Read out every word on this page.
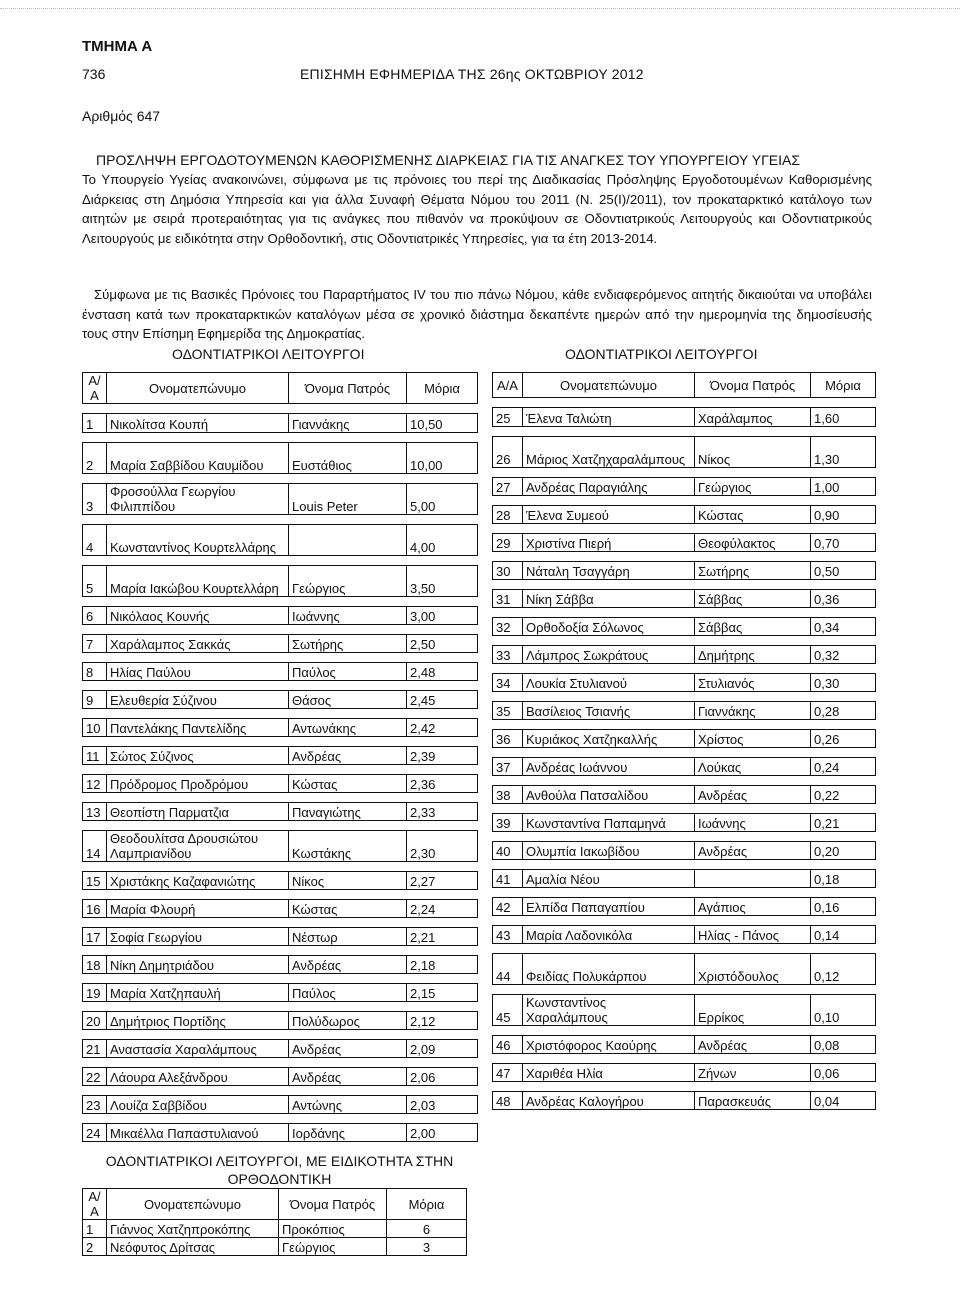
ΤΜΗΜΑ Α
736	ΕΠΙΣΗΜΗ ΕΦΗΜΕΡΙΔΑ ΤΗΣ 26ης ΟΚΤΩΒΡΙΟΥ 2012
Αριθμός 647
ΠΡΟΣΛΗΨΗ ΕΡΓΟΔΟΤΟΥΜΕΝΩΝ ΚΑΘΟΡΙΣΜΕΝΗΣ ΔΙΑΡΚΕΙΑΣ ΓΙΑ ΤΙΣ ΑΝΑΓΚΕΣ ΤΟΥ ΥΠΟΥΡΓΕΙΟΥ ΥΓΕΙΑΣ
Το Υπουργείο Υγείας ανακοινώνει, σύμφωνα με τις πρόνοιες του περί της Διαδικασίας Πρόσληψης Εργοδοτουμένων Καθορισμένης Διάρκειας στη Δημόσια Υπηρεσία και για άλλα Συναφή Θέματα Νόμου του 2011 (Ν. 25(Ι)/2011), τον προκαταρκτικό κατάλογο των αιτητών με σειρά προτεραιότητας για τις ανάγκες που πιθανόν να προκύψουν σε Οδοντιατρικούς Λειτουργούς και Οδοντιατρικούς Λειτουργούς με ειδικότητα στην Ορθοδοντική, στις Οδοντιατρικές Υπηρεσίες, για τα έτη 2013-2014.
Σύμφωνα με τις Βασικές Πρόνοιες του Παραρτήματος IV του πιο πάνω Νόμου, κάθε ενδιαφερόμενος αιτητής δικαιούται να υποβάλει ένσταση κατά των προκαταρκτικών καταλόγων μέσα σε χρονικό διάστημα δεκαπέντε ημερών από την ημερομηνία της δημοσίευσής τους στην Επίσημη Εφημερίδα της Δημοκρατίας.
ΟΔΟΝΤΙΑΤΡΙΚΟΙ ΛΕΙΤΟΥΡΓΟΙ	ΟΔΟΝΤΙΑΤΡΙΚΟΙ ΛΕΙΤΟΥΡΓΟΙ
Α/Α	Ονοματεπώνυμο	Όνομα Πατρός	Μόρια

1	Νικολίτσα Κουπή	Γιαννάκης	10,50

2	Μαρία Σαββίδου Καυμίδου	Ευστάθιος	10,00

3	Φροσούλλα Γεωργίου Φιλιππίδου	Louis Peter	5,00

4	Κωνσταντίνος Κουρτελλάρης		4,00

5	Μαρία Ιακώβου Κουρτελλάρη	Γεώργιος	3,50

6	Νικόλαος Κουνής	Ιωάννης	3,00

7	Χαράλαμπος Σακκάς	Σωτήρης	2,50

8	Ηλίας Παύλου	Παύλος	2,48

9	Ελευθερία Σύζινου	Θάσος	2,45

10	Παντελάκης Παντελίδης	Αντωνάκης	2,42

11	Σώτος Σύζινος	Ανδρέας	2,39

12	Πρόδρομος Προδρόμου	Κώστας	2,36

13	Θεοπίστη Παρματζια	Παναγιώτης	2,33

14	Θεοδουλίτσα Δρουσιώτου Λαμπριανίδου	Κωστάκης	2,30

15	Χριστάκης Καζαφανιώτης	Νίκος	2,27

16	Μαρία Φλουρή	Κώστας	2,24

17	Σοφία Γεωργίου	Νέστωρ	2,21

18	Νίκη Δημητριάδου	Ανδρέας	2,18

19	Μαρία Χατζηπαυλή	Παύλος	2,15

20	Δημήτριος Πορτίδης	Πολύδωρος	2,12

21	Αναστασία Χαραλάμπους	Ανδρέας	2,09

22	Λάουρα Αλεξάνδρου	Ανδρέας	2,06

23	Λουίζα Σαββίδου	Αντώνης	2,03

24	Μικαέλλα Παπαστυλιανού	Ιορδάνης	2,00
Α/Α	Ονοματεπώνυμο	Όνομα Πατρός	Μόρια

25	Έλενα Ταλιώτη	Χαράλαμπος	1,60

26	Μάριος Χατζηχαραλάμπους	Νίκος	1,30

27	Ανδρέας Παραγιάλης	Γεώργιος	1,00

28	Έλενα Συμεού	Κώστας	0,90

29	Χριστίνα Πιερή	Θεοφύλακτος	0,70

30	Νάταλη Τσαγγάρη	Σωτήρης	0,50

31	Νίκη Σάββα	Σάββας	0,36

32	Ορθοδοξία Σόλωνος	Σάββας	0,34

33	Λάμπρος Σωκράτους	Δημήτρης	0,32

34	Λουκία Στυλιανού	Στυλιανός	0,30

35	Βασίλειος Τσιανής	Γιαννάκης	0,28

36	Κυριάκος Χατζηκαλλής	Χρίστος	0,26

37	Ανδρέας Ιωάννου	Λούκας	0,24

38	Ανθούλα Πατσαλίδου	Ανδρέας	0,22

39	Κωνσταντίνα Παπαμηνά	Ιωάννης	0,21

40	Ολυμπία Ιακωβίδου	Ανδρέας	0,20

41	Αμαλία Νέου		0,18

42	Ελπίδα Παπαγαπίου	Αγάπιος	0,16

43	Μαρία Λαδονικόλα	Ηλίας - Πάνος	0,14

44	Φειδίας Πολυκάρπου	Χριστόδουλος	0,12

45	Κωνσταντίνος Χαραλάμπους	Ερρίκος	0,10

46	Χριστόφορος Καούρης	Ανδρέας	0,08

47	Χαριθέα Ηλία	Ζήνων	0,06

48	Ανδρέας Καλογήρου	Παρασκευάς	0,04
ΟΔΟΝΤΙΑΤΡΙΚΟΙ ΛΕΙΤΟΥΡΓΟΙ, ΜΕ ΕΙΔΙΚΟΤΗΤΑ ΣΤΗΝ ΟΡΘΟΔΟΝΤΙΚΗ
Α/Α	Ονοματεπώνυμο	Όνομα Πατρός	Μόρια
1	Γιάννος Χατζηπροκόπης	Προκόπιος	6
2	Νεόφυτος Δρίτσας	Γεώργιος	3
